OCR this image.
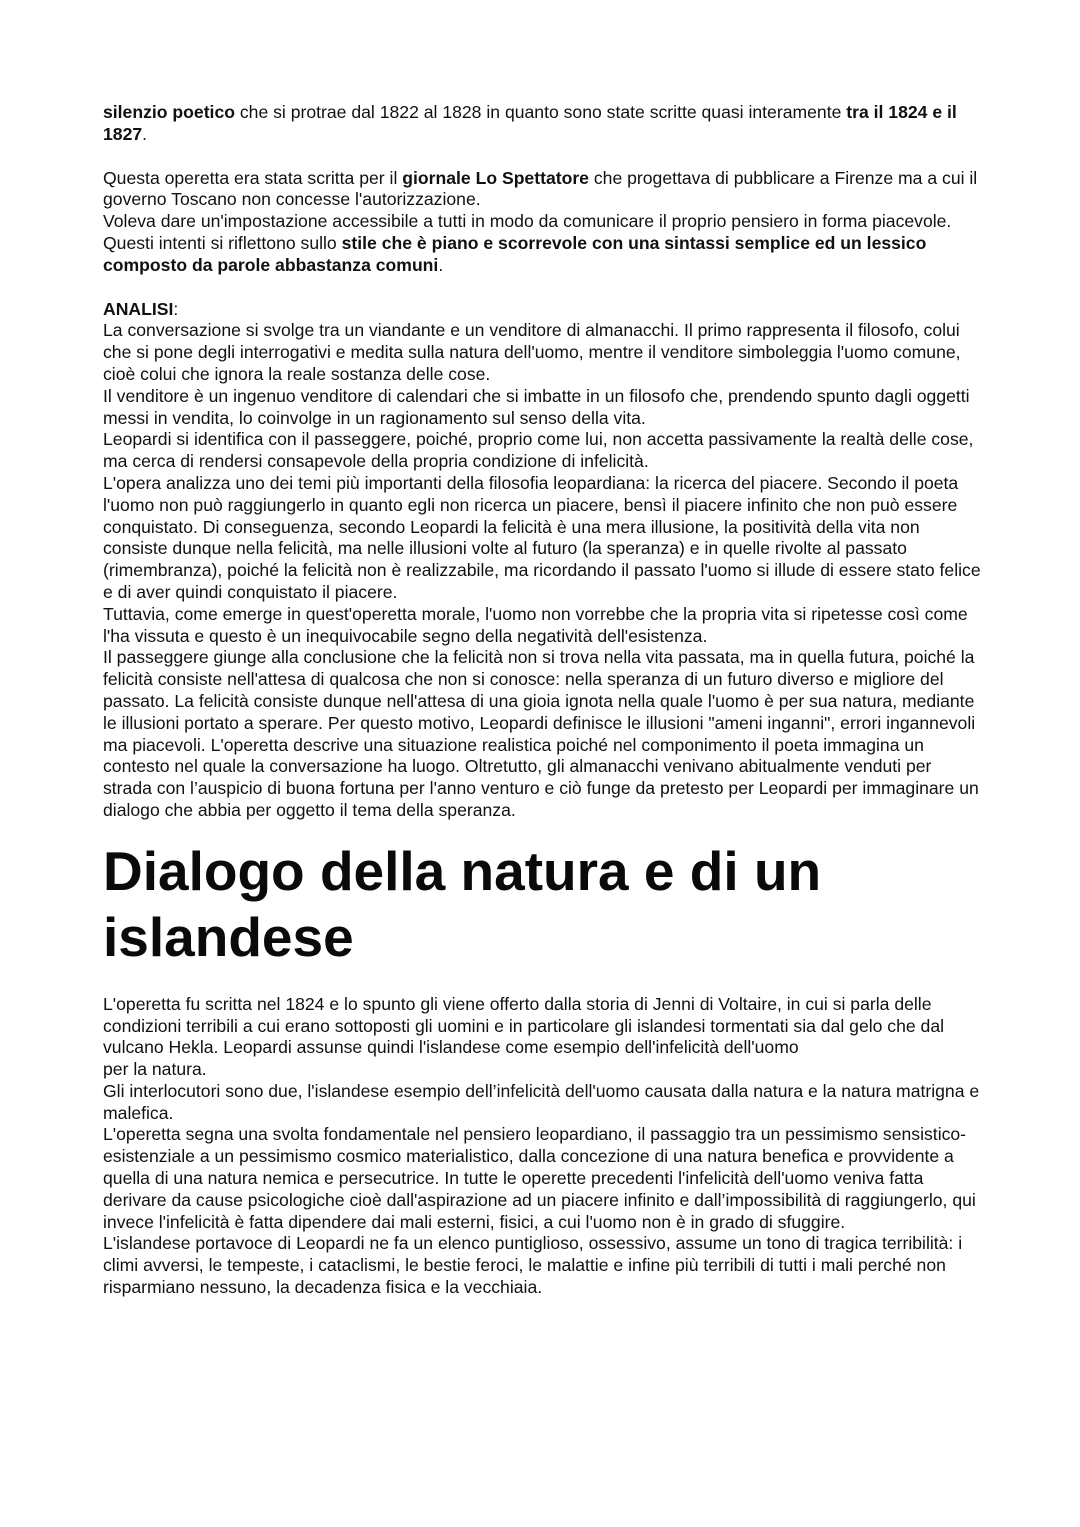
silenzio poetico che si protrae dal 1822 al 1828 in quanto sono state scritte quasi interamente tra il 1824 e il 1827.

Questa operetta era stata scritta per il giornale Lo Spettatore che progettava di pubblicare a Firenze ma a cui il governo Toscano non concesse l'autorizzazione.

Voleva dare un'impostazione accessibile a tutti in modo da comunicare il proprio pensiero in forma piacevole. Questi intenti si riflettono sullo stile che è piano e scorrevole con una sintassi semplice ed un lessico composto da parole abbastanza comuni.

ANALISI:

La conversazione si svolge tra un viandante e un venditore di almanacchi. Il primo rappresenta il filosofo, colui che si pone degli interrogativi e medita sulla natura dell'uomo, mentre il venditore simboleggia l'uomo comune, cioè colui che ignora la reale sostanza delle cose.

Il venditore è un ingenuo venditore di calendari che si imbatte in un filosofo che, prendendo spunto dagli oggetti messi in vendita, lo coinvolge in un ragionamento sul senso della vita.

Leopardi si identifica con il passeggere, poiché, proprio come lui, non accetta passivamente la realtà delle cose, ma cerca di rendersi consapevole della propria condizione di infelicità.

L'opera analizza uno dei temi più importanti della filosofia leopardiana: la ricerca del piacere. Secondo il poeta l'uomo non può raggiungerlo in quanto egli non ricerca un piacere, bensì il piacere infinito che non può essere conquistato. Di conseguenza, secondo Leopardi la felicità è una mera illusione, la positività della vita non consiste dunque nella felicità, ma nelle illusioni volte al futuro (la speranza) e in quelle rivolte al passato (rimembranza), poiché la felicità non è realizzabile, ma ricordando il passato l'uomo si illude di essere stato felice e di aver quindi conquistato il piacere.

Tuttavia, come emerge in quest'operetta morale, l'uomo non vorrebbe che la propria vita si ripetesse così come l'ha vissuta e questo è un inequivocabile segno della negatività dell'esistenza.

Il passeggere giunge alla conclusione che la felicità non si trova nella vita passata, ma in quella futura, poiché la felicità consiste nell'attesa di qualcosa che non si conosce: nella speranza di un futuro diverso e migliore del passato. La felicità consiste dunque nell'attesa di una gioia ignota nella quale l'uomo è per sua natura, mediante le illusioni portato a sperare. Per questo motivo, Leopardi definisce le illusioni "ameni inganni", errori ingannevoli ma piacevoli. L'operetta descrive una situazione realistica poiché nel componimento il poeta immagina un contesto nel quale la conversazione ha luogo. Oltretutto, gli almanacchi venivano abitualmente venduti per strada con l’auspicio di buona fortuna per l'anno venturo e ciò funge da pretesto per Leopardi per immaginare un dialogo che abbia per oggetto il tema della speranza.

Dialogo della natura e di un islandese

L'operetta fu scritta nel 1824 e lo spunto gli viene offerto dalla storia di Jenni di Voltaire, in cui si parla delle condizioni terribili a cui erano sottoposti gli uomini e in particolare gli islandesi tormentati sia dal gelo che dal vulcano Hekla. Leopardi assunse quindi l'islandese come esempio dell'infelicità dell'uomo

per la natura.

Gli interlocutori sono due, l'islandese esempio dell’infelicità dell'uomo causata dalla natura e la natura matrigna e malefica.

L'operetta segna una svolta fondamentale nel pensiero leopardiano, il passaggio tra un pessimismo sensistico-esistenziale a un pessimismo cosmico materialistico, dalla concezione di una natura benefica e provvidente a quella di una natura nemica e persecutrice. In tutte le operette precedenti l'infelicità dell'uomo veniva fatta derivare da cause psicologiche cioè dall'aspirazione ad un piacere infinito e dall’impossibilità di raggiungerlo, qui invece l'infelicità è fatta dipendere dai mali esterni, fisici, a cui l'uomo non è in grado di sfuggire.

L'islandese portavoce di Leopardi ne fa un elenco puntiglioso, ossessivo, assume un tono di tragica terribilità: i climi avversi, le tempeste, i cataclismi, le bestie feroci, le malattie e infine più terribili di tutti i mali perché non risparmiano nessuno, la decadenza fisica e la vecchiaia.
